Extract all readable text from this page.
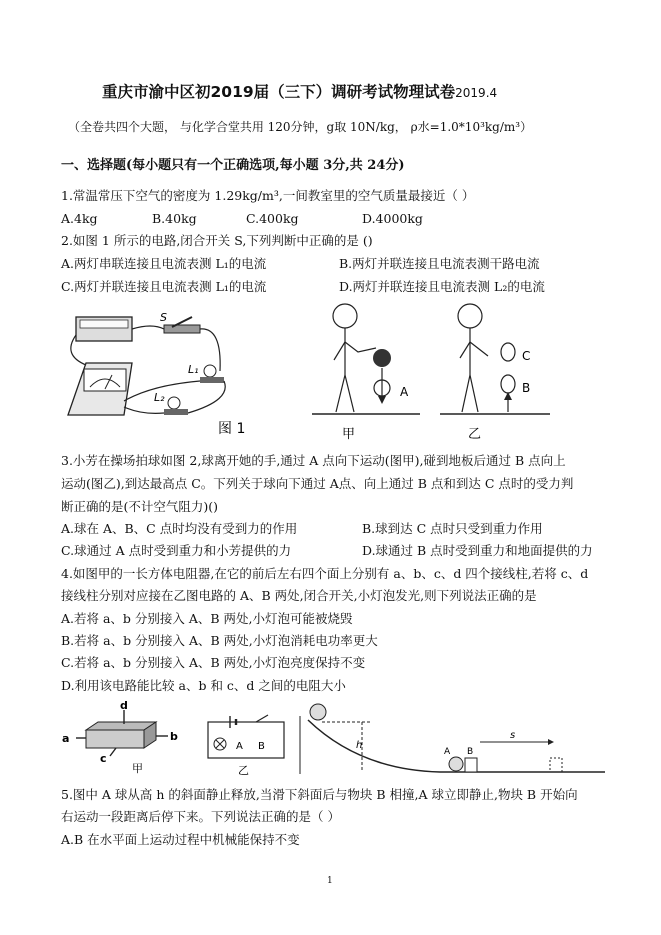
重庆市渝中区初2019届（三下）调研考试物理试卷2019.4
（全卷共四个大题， 与化学合堂共用 120分钟，g取 10N/kg， ρ水=1.0*10³kg/m³）
一、选择题(每小题只有一个正确选项,每小题 3分,共 24分)
1.常温常压下空气的密度为 1.29kg/m³,一间教室里的空气质量最接近（ ）
A.4kg	B.40kg	C.400kg	D.4000kg
2.如图 1 所示的电路,闭合开关 S,下列判断中正确的是 ()
A.两灯串联连接且电流表测 L₁的电流	B.两灯并联连接且电流表测干路电流
C.两灯并联连接且电流表测 L₁的电流	D.两灯并联连接且电流表测 L₂的电流
S
L₁
L₂
图 1
A
甲
C
B
乙
3.小芳在操场拍球如图 2,球离开她的手,通过 A 点向下运动(图甲),碰到地板后通过 B 点向上
运动(图乙),到达最高点 C。下列关于球向下通过 A点、向上通过 B 点和到达 C 点时的受力判
断正确的是(不计空气阻力)()
A.球在 A、B、C 点时均没有受到力的作用	B.球到达 C 点时只受到重力作用
C.球通过 A 点时受到重力和小芳提供的力	D.球通过 B 点时受到重力和地面提供的力
4.如图甲的一长方体电阻器,在它的前后左右四个面上分别有 a、b、c、d 四个接线柱,若将 c、d
接线柱分别对应接在乙图电路的 A、B 两处,闭合开关,小灯泡发光,则下列说法正确的是
A.若将 a、b 分别接入 A、B 两处,小灯泡可能被烧毁
B.若将 a、b 分别接入 A、B 两处,小灯泡消耗电功率更大
C.若将 a、b 分别接入 A、B 两处,小灯泡亮度保持不变
D.利用该电路能比较 a、b 和 c、d 之间的电阻大小
a	b
d
c
甲
A B
乙
h
A B
s
5.图中 A 球从高 h 的斜面静止释放,当滑下斜面后与物块 B 相撞,A 球立即静止,物块 B 开始向
右运动一段距离后停下来。下列说法正确的是（ ）
A.B 在水平面上运动过程中机械能保持不变
1
